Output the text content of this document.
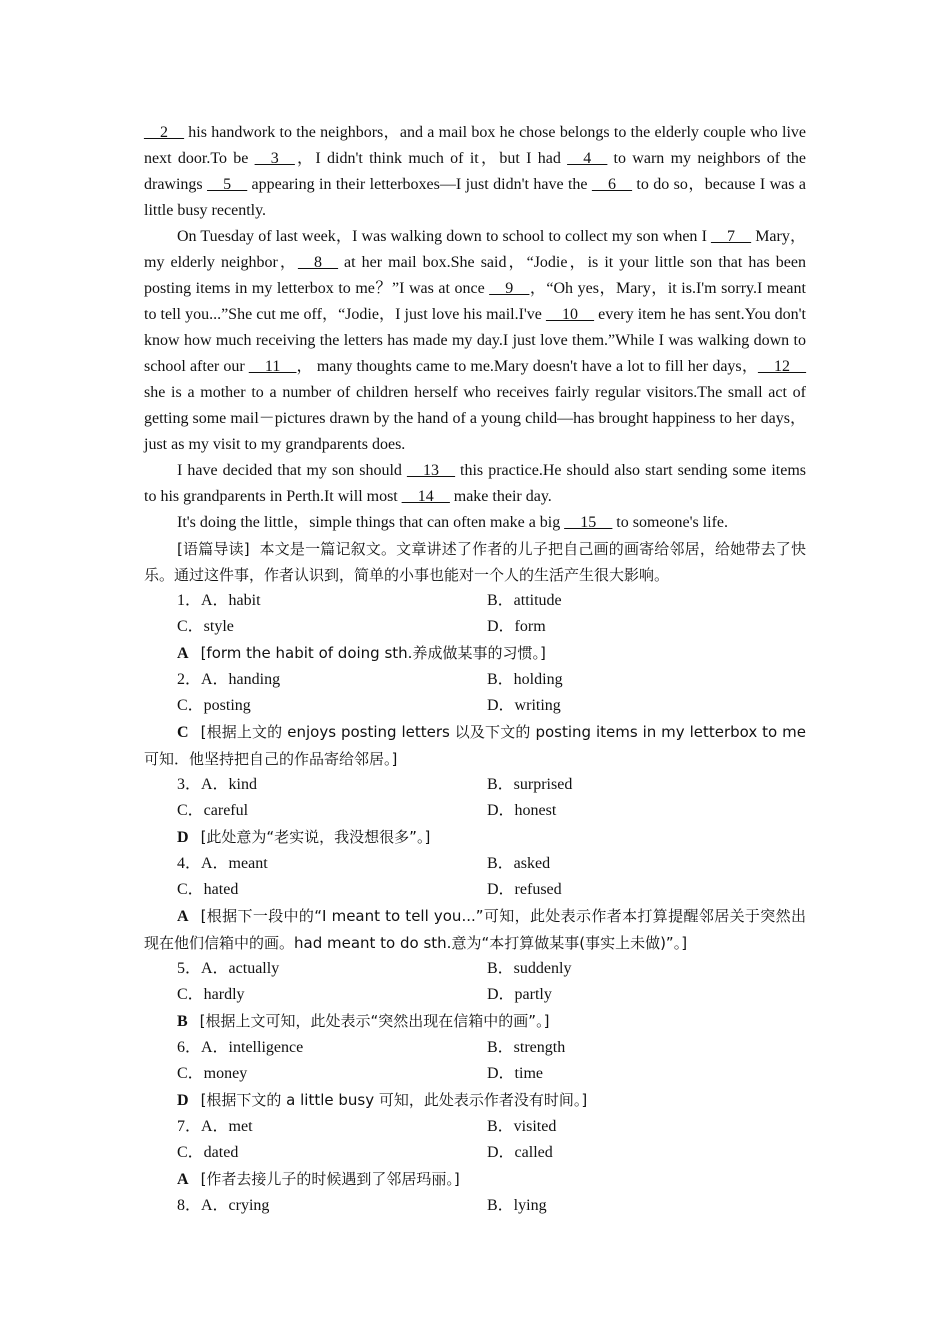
__2__ his handwork to the neighbors，and a mail box he chose belongs to the elderly couple who live next door.To be __3__，I didn't think much of it，but I had __4__ to warn my neighbors of the drawings __5__ appearing in their letterboxes—I just didn't have the __6__ to do so，because I was a little busy recently.

On Tuesday of last week，I was walking down to school to collect my son when I __7__ Mary，my elderly neighbor，__8__ at her mail box.She said，“Jodie，is it your little son that has been posting items in my letterbox to me？”I was at once __9__，“Oh yes，Mary，it is.I'm sorry.I meant to tell you...”She cut me off，“Jodie，I just love his mail.I've __10__ every item he has sent.You don't know how much receiving the letters has made my day.I just love them.”While I was walking down to school after our __11__， many thoughts came to me.Mary doesn't have a lot to fill her days，__12__ she is a mother to a number of children herself who receives fairly regular visitors.The small act of getting some mail－pictures drawn by the hand of a young child—has brought happiness to her days，just as my visit to my grandparents does.

I have decided that my son should __13__ this practice.He should also start sending some items to his grandparents in Perth.It will most __14__ make their day.

It's doing the little，simple things that can often make a big __15__ to someone's life.

[语篇导读] 本文是一篇记叙文。文章讲述了作者的儿子把自己画的画寄给邻居，给她带去了快乐。通过这件事，作者认识到，简单的小事也能对一个人的生活产生很大影响。

1．A．habit	B．attitude
C．style	D．form

A [form the habit of doing sth.养成做某事的习惯。]

2．A．handing	B．holding
C．posting	D．writing

C [根据上文的 enjoys posting letters 以及下文的 posting items in my letterbox to me 可知．他坚持把自己的作品寄给邻居。]

3．A．kind	B．surprised
C．careful	D．honest

D [此处意为“老实说，我没想很多”。]

4．A．meant	B．asked
C．hated	D．refused

A [根据下一段中的“I meant to tell you...”可知，此处表示作者本打算提醒邻居关于突然出现在他们信箱中的画。had meant to do sth.意为“本打算做某事(事实上未做)”。]

5．A．actually	B．suddenly
C．hardly	D．partly

B [根据上文可知，此处表示“突然出现在信箱中的画”。]

6．A．intelligence	B．strength
C．money	D．time

D [根据下文的 a little busy 可知，此处表示作者没有时间。]

7．A．met	B．visited
C．dated	D．called

A [作者去接儿子的时候遇到了邻居玛丽。]

8．A．crying	B．lying
